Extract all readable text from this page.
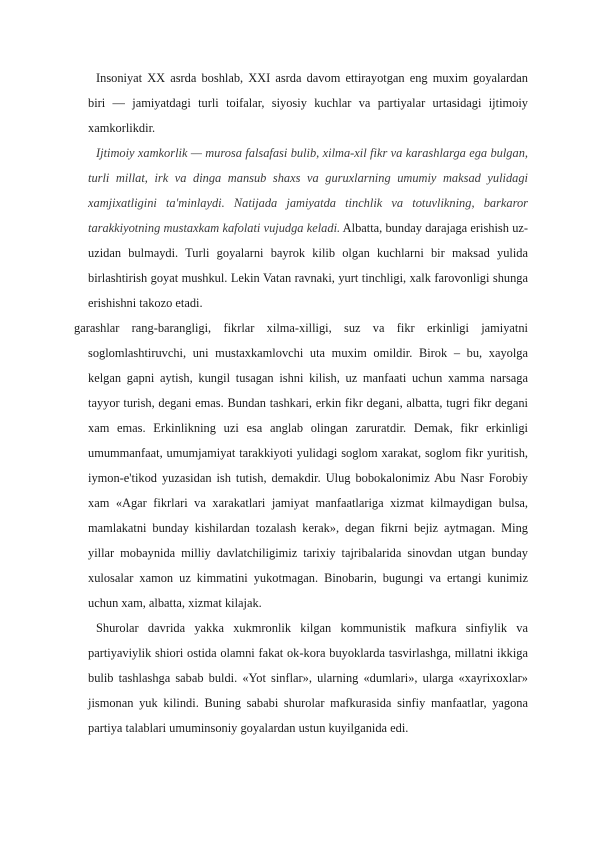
Insoniyat XX asrda boshlab, XXI asrda davom ettirayotgan eng muxim goyalardan biri — jamiyatdagi turli toifalar, siyosiy kuchlar va partiyalar urtasidagi ijtimoiy xamkorlikdir.

Ijtimoiy xamkorlik — murosa falsafasi bulib, xilma-xil fikr va karashlarga ega bulgan, turli millat, irk va dinga mansub shaxs va guruxlarning umumiy maksad yulidagi xamjixatligini ta'minlaydi. Natijada jamiyatda tinchlik va totuvlikning, barkaror tarakkiyotning mustaxkam kafolati vujudga keladi. Albatta, bunday darajaga erishish uz-uzidan bulmaydi. Turli goyalarni bayrok kilib olgan kuchlarni bir maksad yulida birlashtirish goyat mushkul. Lekin Vatan ravnaki, yurt tinchligi, xalk farovonligi shunga erishishni takozo etadi.

garashlar rang-barangligi, fikrlar xilma-xilligi, suz va fikr erkinligi jamiyatni soglomlashtiruvchi, uni mustaxkamlovchi uta muxim omildir. Birok – bu, xayolga kelgan gapni aytish, kungil tusagan ishni kilish, uz manfaati uchun xamma narsaga tayyor turish, degani emas. Bundan tashkari, erkin fikr degani, albatta, tugri fikr degani xam emas. Erkinlikning uzi esa anglab olingan zaruratdir. Demak, fikr erkinligi umummanfaat, umumjamiyat tarakkiyoti yulidagi soglom xarakat, soglom fikr yuritish, iymon-e'tikod yuzasidan ish tutish, demakdir. Ulug bobokalonimiz Abu Nasr Forobiy xam «Agar fikrlari va xarakatlari jamiyat manfaatlariga xizmat kilmaydigan bulsa, mamlakatni bunday kishilardan tozalash kerak», degan fikrni bejiz aytmagan. Ming yillar mobaynida milliy davlatchiligimiz tarixiy tajribalarida sinovdan utgan bunday xulosalar xamon uz kimmatini yukotmagan. Binobarin, bugungi va ertangi kunimiz uchun xam, albatta, xizmat kilajak.

Shurolar davrida yakka xukmronlik kilgan kommunistik mafkura sinfiylik va partiyaviylik shiori ostida olamni fakat ok-kora buyoklarda tasvirlashga, millatni ikkiga bulib tashlashga sabab buldi. «Yot sinflar», ularning «dumlari», ularga «xayrixoxlar» jismonan yuk kilindi. Buning sababi shurolar mafkurasida sinfiy manfaatlar, yagona partiya talablari umuminsoniy goyalardan ustun kuyilganida edi.
